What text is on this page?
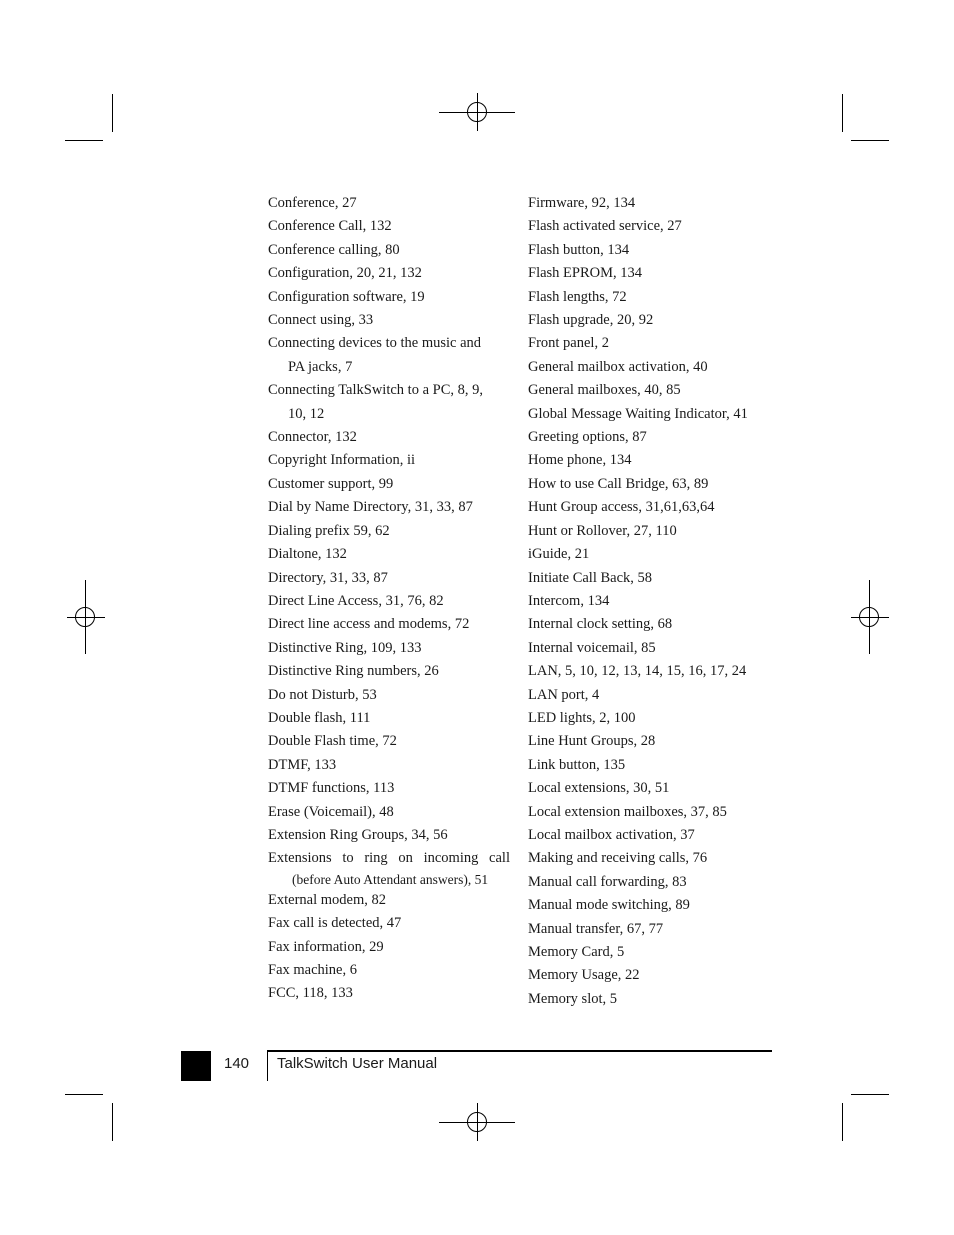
Conference, 27
Conference Call, 132
Conference calling, 80
Configuration, 20, 21, 132
Configuration software, 19
Connect using, 33
Connecting devices to the music and
PA jacks, 7
Connecting TalkSwitch to a PC, 8, 9,
10, 12
Connector, 132
Copyright Information, ii
Customer support, 99
Dial by Name Directory, 31, 33, 87
Dialing prefix 59, 62
Dialtone, 132
Directory, 31, 33, 87
Direct Line Access, 31, 76, 82
Direct line access and modems, 72
Distinctive Ring, 109, 133
Distinctive Ring numbers, 26
Do not Disturb, 53
Double flash, 111
Double Flash time, 72
DTMF, 133
DTMF functions, 113
Erase (Voicemail), 48
Extension Ring Groups, 34, 56
Extensions to ring on incoming call
(before Auto Attendant answers), 51
External modem, 82
Fax call is detected, 47
Fax information, 29
Fax machine, 6
FCC, 118, 133
Firmware, 92, 134
Flash activated service, 27
Flash button, 134
Flash EPROM, 134
Flash lengths, 72
Flash upgrade, 20, 92
Front panel, 2
General mailbox activation, 40
General mailboxes, 40, 85
Global Message Waiting Indicator, 41
Greeting options, 87
Home phone, 134
How to use Call Bridge, 63, 89
Hunt Group access, 31,61,63,64
Hunt or Rollover, 27, 110
iGuide, 21
Initiate Call Back, 58
Intercom, 134
Internal clock setting, 68
Internal voicemail, 85
LAN, 5, 10, 12, 13, 14, 15, 16, 17, 24
LAN port, 4
LED lights, 2, 100
Line Hunt Groups, 28
Link button, 135
Local extensions, 30, 51
Local extension mailboxes, 37, 85
Local mailbox activation, 37
Making and receiving calls, 76
Manual call forwarding, 83
Manual mode switching, 89
Manual transfer, 67, 77
Memory Card, 5
Memory Usage, 22
Memory slot, 5
140 TalkSwitch User Manual
